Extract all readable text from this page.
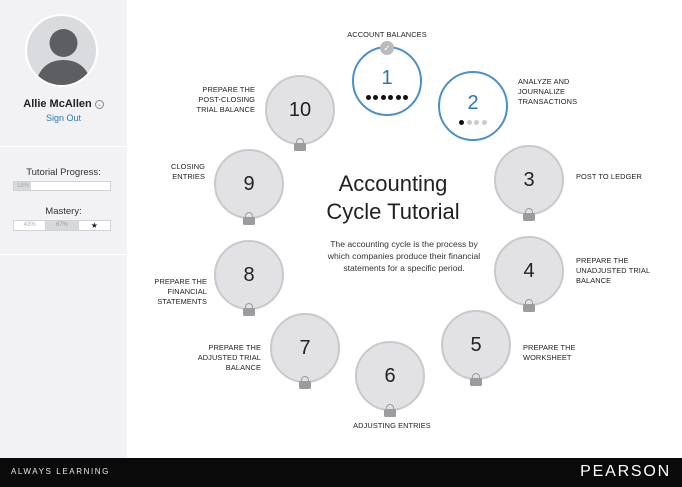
Allie McAllen ⌄
Sign Out
Tutorial Progress:
18%
Mastery:
43%	67%	★
Accounting
Cycle Tutorial
The accounting cycle is the process by which companies produce their financial statements for a specific period.
✓
1
ACCOUNT BALANCES
2
ANALYZE AND JOURNALIZE TRANSACTIONS
3	POST TO LEDGER
4	PREPARE THE UNADJUSTED TRIAL BALANCE
5	PREPARE THE WORKSHEET
6
ADJUSTING ENTRIES
7
PREPARE THE ADJUSTED TRIAL BALANCE
8
PREPARE THE FINANCIAL STATEMENTS
9
CLOSING ENTRIES
10
PREPARE THE POST-CLOSING TRIAL BALANCE
ALWAYS LEARNING	PEARSON
